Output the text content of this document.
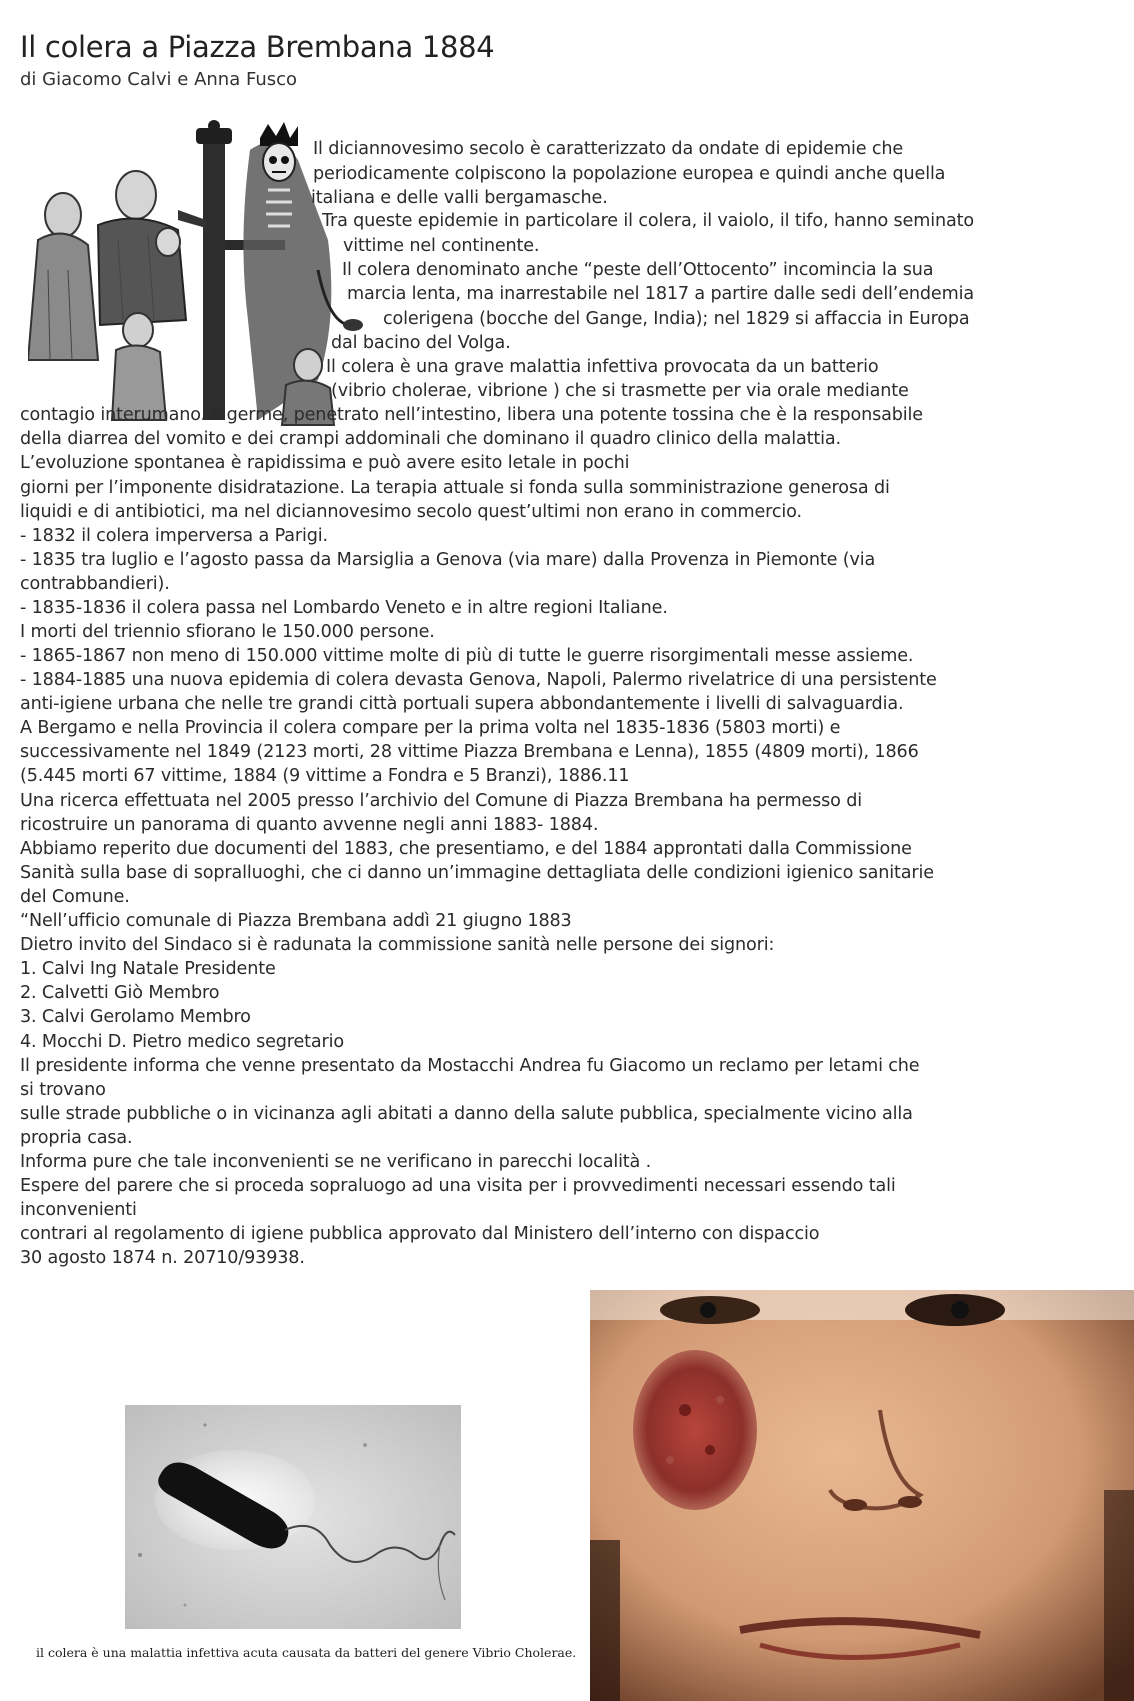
Il colera a Piazza Brembana 1884
di Giacomo Calvi e Anna Fusco
Il diciannovesimo secolo è caratterizzato da ondate di epidemie che
periodicamente colpiscono la popolazione europea e quindi anche quella
italiana e delle valli bergamasche.
Tra queste epidemie in particolare il colera, il vaiolo, il tifo, hanno seminato
vittime nel continente.
Il colera denominato anche “peste dell’Ottocento” incomincia la sua
marcia lenta, ma inarrestabile nel 1817 a partire dalle sedi dell’endemia
colerigena (bocche del Gange, India); nel 1829 si affaccia in Europa
dal bacino del Volga.
Il colera è una grave malattia infettiva provocata da un batterio
(vibrio cholerae, vibrione ) che si trasmette per via orale mediante
contagio interumano. Il germe, penetrato nell’intestino, libera una potente tossina che è la responsabile
della diarrea del vomito e dei crampi addominali che dominano il quadro clinico della malattia.
L’evoluzione spontanea è rapidissima e può avere esito letale in pochi
giorni per l’imponente disidratazione. La terapia attuale si fonda sulla somministrazione generosa di
liquidi e di antibiotici, ma nel diciannovesimo secolo quest’ultimi non erano in commercio.
- 1832 il colera imperversa a Parigi.
- 1835 tra luglio e l’agosto passa da Marsiglia a Genova (via mare) dalla Provenza in Piemonte (via
contrabbandieri).
- 1835-1836 il colera passa nel Lombardo Veneto e in altre regioni Italiane.
I morti del triennio sfiorano le 150.000 persone.
- 1865-1867 non meno di 150.000 vittime molte di più di tutte le guerre risorgimentali messe assieme.
- 1884-1885 una nuova epidemia di colera devasta Genova, Napoli, Palermo rivelatrice di una persistente
anti-igiene urbana che nelle tre grandi città portuali supera abbondantemente i livelli di salvaguardia.
A Bergamo e nella Provincia il colera compare per la prima volta nel 1835-1836 (5803 morti) e
successivamente nel 1849 (2123 morti, 28 vittime Piazza Brembana e Lenna), 1855 (4809 morti), 1866
(5.445 morti 67 vittime, 1884 (9 vittime a Fondra e 5 Branzi), 1886.11
Una ricerca effettuata nel 2005 presso l’archivio del Comune di Piazza Brembana ha permesso di
ricostruire un panorama di quanto avvenne negli anni 1883- 1884.
Abbiamo reperito due documenti del 1883, che presentiamo, e del 1884 approntati dalla Commissione
Sanità sulla base di sopralluoghi, che ci danno un’immagine dettagliata delle condizioni igienico sanitarie
del Comune.
“Nell’ufficio comunale di Piazza Brembana addì 21 giugno 1883
Dietro invito del Sindaco si è radunata la commissione sanità nelle persone dei signori:
1. Calvi Ing Natale Presidente
2. Calvetti Giò Membro
3. Calvi Gerolamo Membro
4. Mocchi D. Pietro medico segretario
Il presidente informa che venne presentato da Mostacchi Andrea fu Giacomo un reclamo per letami che
si trovano
sulle strade pubbliche o in vicinanza agli abitati a danno della salute pubblica, specialmente vicino alla
propria casa.
Informa pure che tale inconvenienti se ne verificano in parecchi località .
Espere del parere che si proceda sopraluogo ad una visita per i provvedimenti necessari essendo tali
inconvenienti
contrari al regolamento di igiene pubblica approvato dal Ministero dell’interno con dispaccio
30 agosto 1874 n. 20710/93938.
il colera è una malattia infettiva acuta causata da batteri del genere Vibrio Cholerae.
